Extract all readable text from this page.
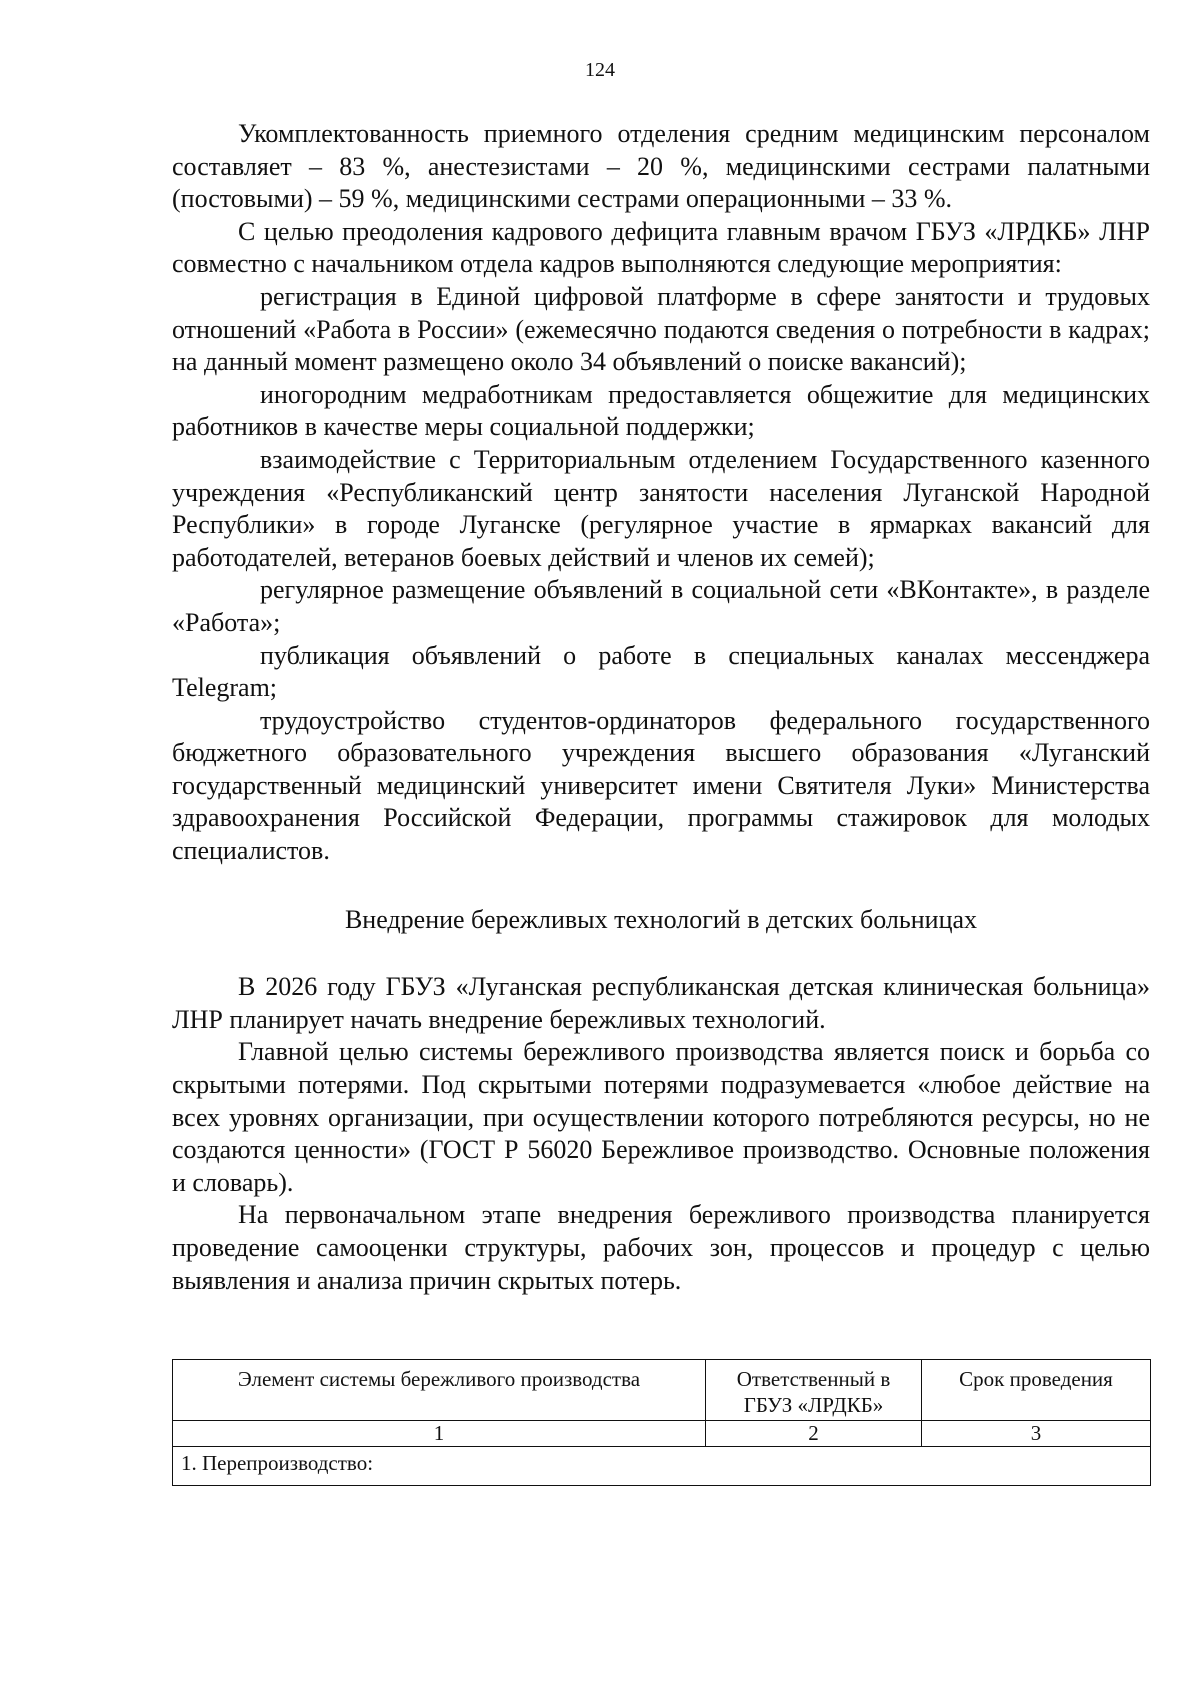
124

Укомплектованность приемного отделения средним медицинским персоналом составляет – 83 %, анестезистами – 20 %, медицинскими сестрами палатными (постовыми) – 59 %, медицинскими сестрами операционными – 33 %.

С целью преодоления кадрового дефицита главным врачом ГБУЗ «ЛРДКБ» ЛНР совместно с начальником отдела кадров выполняются следующие мероприятия:

регистрация в Единой цифровой платформе в сфере занятости и трудовых отношений «Работа в России» (ежемесячно подаются сведения о потребности в кадрах; на данный момент размещено около 34 объявлений о поиске вакансий);

иногородним медработникам предоставляется общежитие для медицинских работников в качестве меры социальной поддержки;

взаимодействие с Территориальным отделением Государственного казенного учреждения «Республиканский центр занятости населения Луганской Народной Республики» в городе Луганске (регулярное участие в ярмарках вакансий для работодателей, ветеранов боевых действий и членов их семей);

регулярное размещение объявлений в социальной сети «ВКонтакте», в разделе «Работа»;

публикация объявлений о работе в специальных каналах мессенджера Telegram;

трудоустройство студентов-ординаторов федерального государственного бюджетного образовательного учреждения высшего образования «Луганский государственный медицинский университет имени Святителя Луки» Министерства здравоохранения Российской Федерации, программы стажировок для молодых специалистов.

Внедрение бережливых технологий в детских больницах

В 2026 году ГБУЗ «Луганская республиканская детская клиническая больница» ЛНР планирует начать внедрение бережливых технологий.

Главной целью системы бережливого производства является поиск и борьба со скрытыми потерями. Под скрытыми потерями подразумевается «любое действие на всех уровнях организации, при осуществлении которого потребляются ресурсы, но не создаются ценности» (ГОСТ Р 56020 Бережливое производство. Основные положения и словарь).

На первоначальном этапе внедрения бережливого производства планируется проведение самооценки структуры, рабочих зон, процессов и процедур с целью выявления и анализа причин скрытых потерь.

Элемент системы бережливого производства	Ответственный в ГБУЗ «ЛРДКБ»	Срок проведения
1	2	3
1. Перепроизводство:		
